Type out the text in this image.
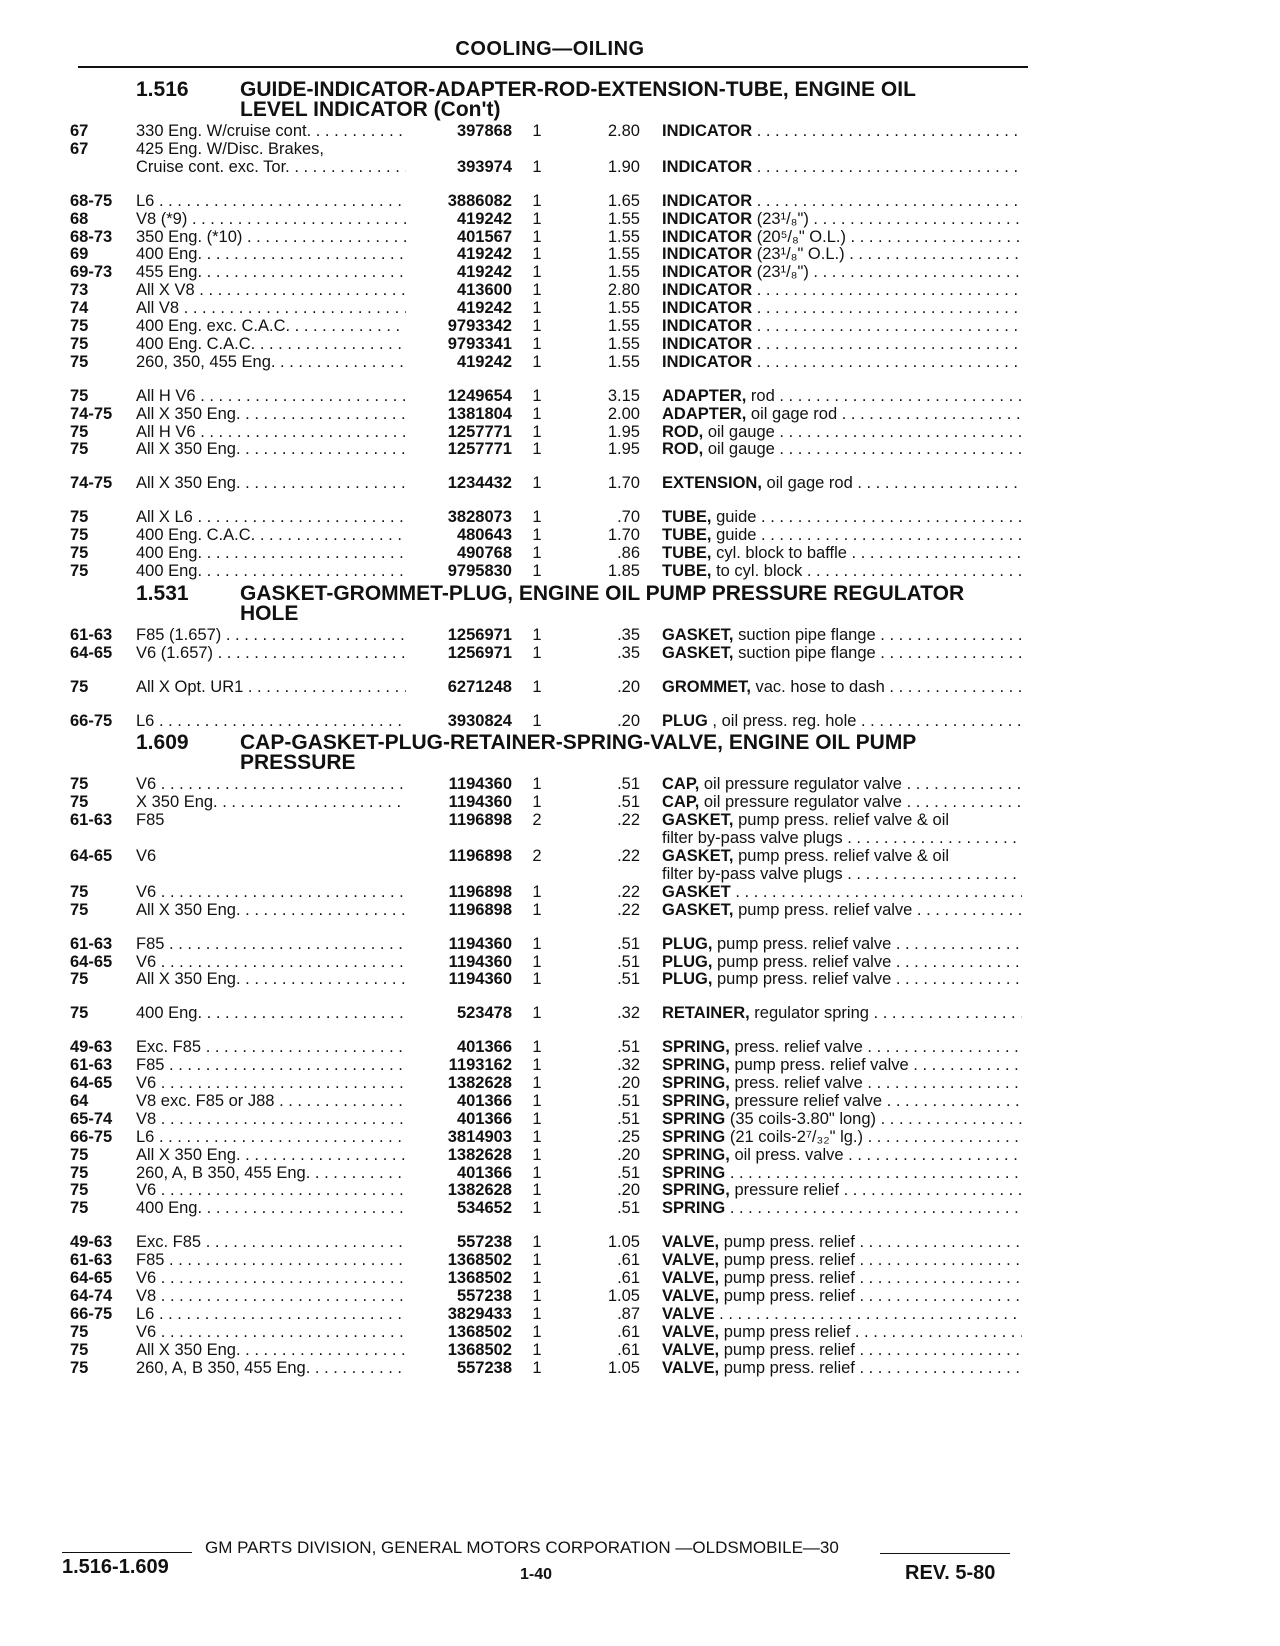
COOLING—OILING
1.516 GUIDE-INDICATOR-ADAPTER-ROD-EXTENSION-TUBE, ENGINE OIL
LEVEL INDICATOR (Con't)
67	330 Eng. W/cruise cont. . . .	397868 1	2.80 INDICATOR . . .
67	425 Eng. W/Disc. Brakes,
Cruise cont. exc. Tor. . . .	393974 1	1.90 INDICATOR . . .
68-75 L6 . . .	3886082 1	1.65 INDICATOR . . .
68	V8 (*9) . . .	419242 1	1.55 INDICATOR (23¹/₈") . . .
68-73 350 Eng. (*10) . . .	401567 1	1.55 INDICATOR (20⁵/₈" O.L.) . . .
69	400 Eng. . . .	419242 1	1.55 INDICATOR (23¹/₈" O.L.) . . .
69-73 455 Eng. . . .	419242 1	1.55 INDICATOR (23¹/₈") . . .
73	All X V8 . . .	413600 1	2.80 INDICATOR . . .
74	All V8 . . .	419242 1	1.55 INDICATOR . . .
75	400 Eng. exc. C.A.C. . . .	9793342 1	1.55 INDICATOR . . .
75	400 Eng. C.A.C. . . .	9793341 1	1.55 INDICATOR . . .
75	260, 350, 455 Eng. . . .	419242 1	1.55 INDICATOR . . .
75	All H V6 . . .	1249654 1	3.15 ADAPTER, rod . . .
74-75 All X 350 Eng. . . .	1381804 1	2.00 ADAPTER, oil gage rod . . .
75	All H V6 . . .	1257771 1	1.95 ROD, oil gauge . . .
75	All X 350 Eng. . . .	1257771 1	1.95 ROD, oil gauge . . .
74-75 All X 350 Eng. . . .	1234432 1	1.70 EXTENSION, oil gage rod . . .
75	All X L6 . . .	3828073 1	.70 TUBE, guide . . .
75	400 Eng. C.A.C. . . .	480643 1	1.70 TUBE, guide . . .
75	400 Eng. . . .	490768 1	.86 TUBE, cyl. block to baffle . . .
75	400 Eng. . . .	9795830 1	1.85 TUBE, to cyl. block . . .
1.531 GASKET-GROMMET-PLUG, ENGINE OIL PUMP PRESSURE REGULATOR
HOLE
61-63 F85 (1.657) . . .	1256971 1	.35 GASKET, suction pipe flange . . .
64-65 V6 (1.657) . . .	1256971 1	.35 GASKET, suction pipe flange . . .
75	All X Opt. UR1 . . .	6271248 1	.20 GROMMET, vac. hose to dash . . .
66-75 L6 . . .	3930824 1	.20 PLUG , oil press. reg. hole . . .
1.609 CAP-GASKET-PLUG-RETAINER-SPRING-VALVE, ENGINE OIL PUMP
PRESSURE
75	V6 . . .	1194360 1	.51 CAP, oil pressure regulator valve . . .
75	X 350 Eng. . . .	1194360 1	.51 CAP, oil pressure regulator valve . . .
61-63 F85	1196898 2	.22 GASKET, pump press. relief valve & oil
filter by-pass valve plugs . . .
64-65 V6	1196898 2	.22 GASKET, pump press. relief valve & oil
filter by-pass valve plugs . . .
75	V6 . . .	1196898 1	.22 GASKET . . .
75	All X 350 Eng. . . .	1196898 1	.22 GASKET, pump press. relief valve . . .
61-63 F85 . . .	1194360 1	.51 PLUG, pump press. relief valve . . .
64-65 V6 . . .	1194360 1	.51 PLUG, pump press. relief valve . . .
75	All X 350 Eng. . . .	1194360 1	.51 PLUG, pump press. relief valve . . .
75	400 Eng. . . .	523478 1	.32 RETAINER, regulator spring . . .
49-63 Exc. F85 . . .	401366 1	.51 SPRING, press. relief valve . . .
61-63 F85 . . .	1193162 1	.32 SPRING, pump press. relief valve . . .
64-65 V6 . . .	1382628 1	.20 SPRING, press. relief valve . . .
64	V8 exc. F85 or J88 . . .	401366 1	.51 SPRING, pressure relief valve . . .
65-74 V8 . . .	401366 1	.51 SPRING (35 coils-3.80" long) . . .
66-75 L6 . . .	3814903 1	.25 SPRING (21 coils-2⁷/₃₂" lg.) . . .
75	All X 350 Eng. . . .	1382628 1	.20 SPRING, oil press. valve . . .
75	260, A, B 350, 455 Eng. . . .	401366 1	.51 SPRING . . .
75	V6 . . .	1382628 1	.20 SPRING, pressure relief . . .
75	400 Eng. . . .	534652 1	.51 SPRING . . .
49-63 Exc. F85 . . .	557238 1	1.05 VALVE, pump press. relief . . .
61-63 F85 . . .	1368502 1	.61 VALVE, pump press. relief . . .
64-65 V6 . . .	1368502 1	.61 VALVE, pump press. relief . . .
64-74 V8 . . .	557238 1	1.05 VALVE, pump press. relief . . .
66-75 L6 . . .	3829433 1	.87 VALVE . . .
75	V6 . . .	1368502 1	.61 VALVE, pump press relief . . .
75	All X 350 Eng. . . .	1368502 1	.61 VALVE, pump press. relief . . .
75	260, A, B 350, 455 Eng. . . .	557238 1	1.05 VALVE, pump press. relief . . .
GM PARTS DIVISION, GENERAL MOTORS CORPORATION —OLDSMOBILE—30
1.516-1.609	1-40	REV. 5-80
